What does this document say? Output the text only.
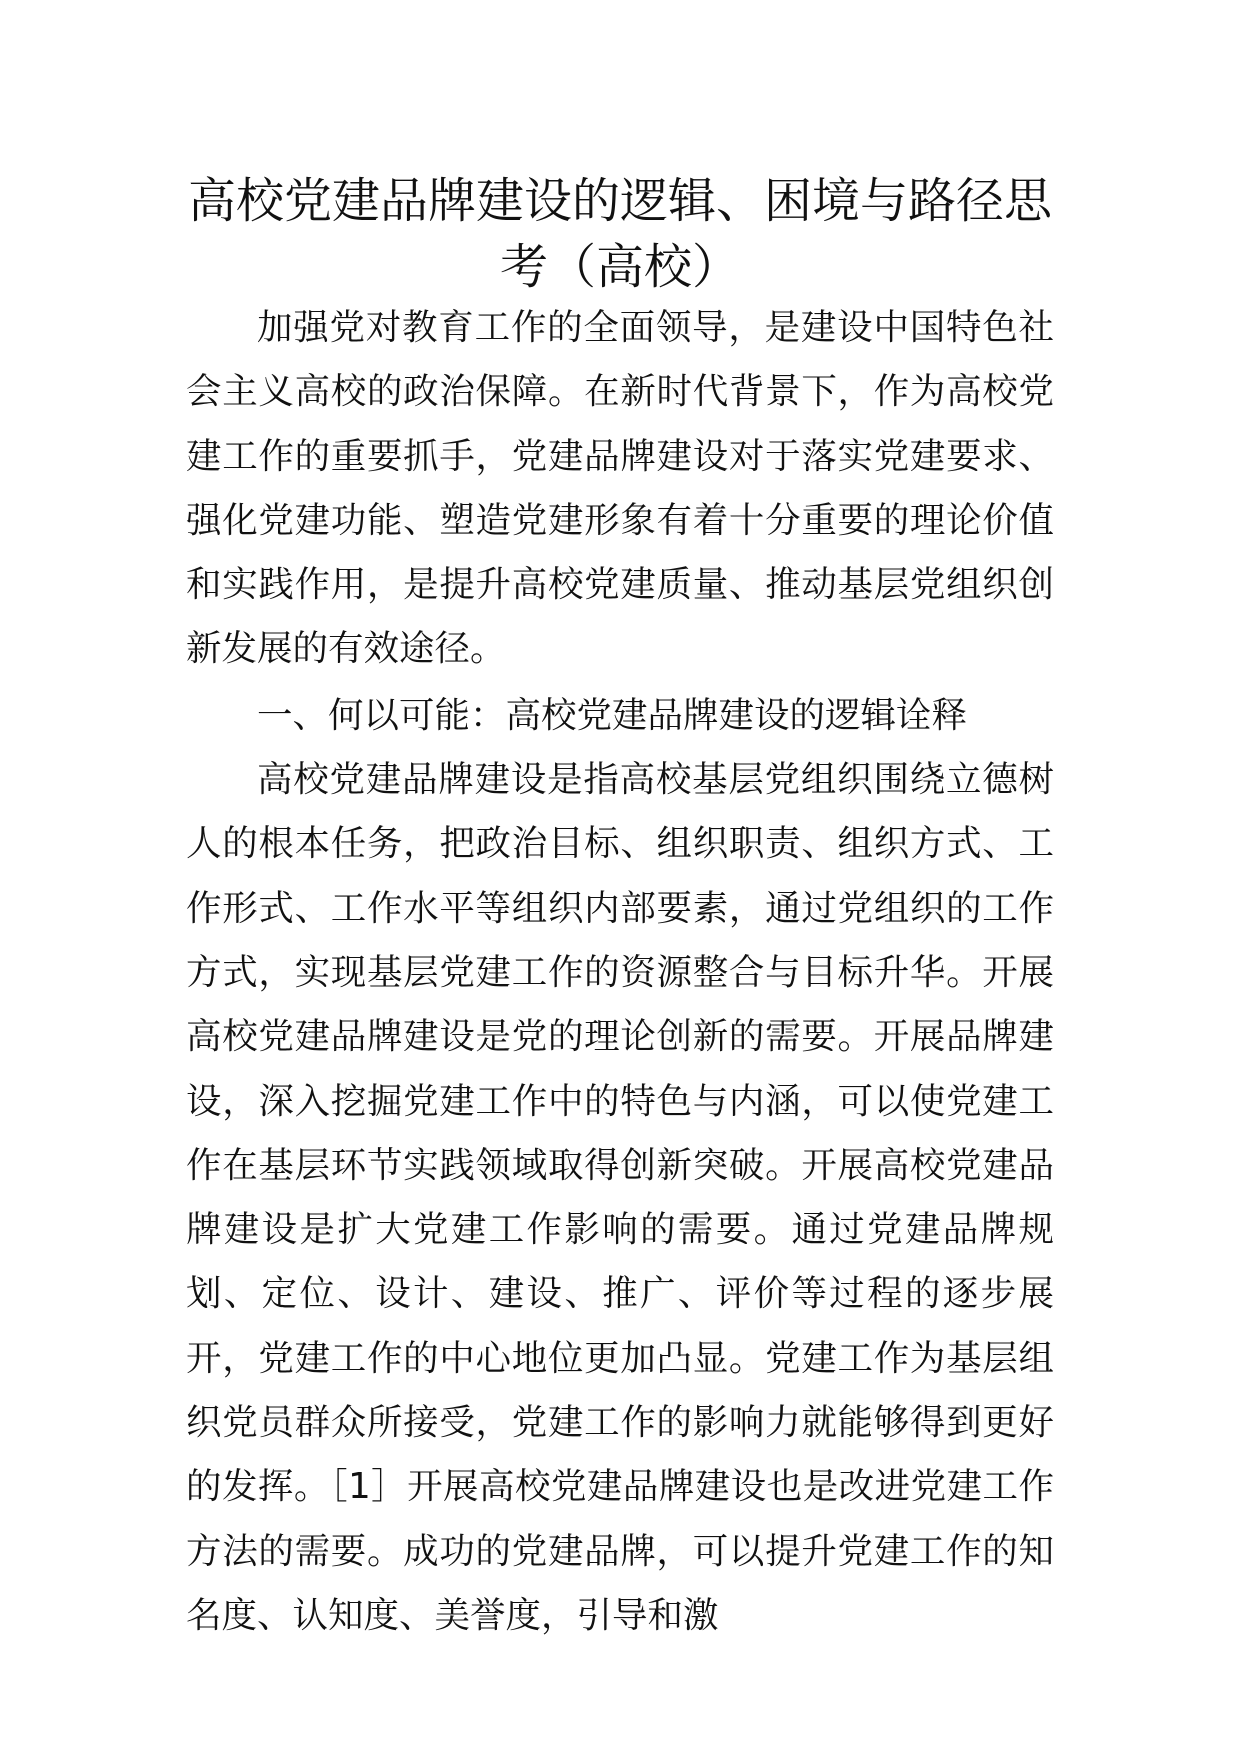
高校党建品牌建设的逻辑、困境与路径思考（高校）

加强党对教育工作的全面领导，是建设中国特色社会主义高校的政治保障。在新时代背景下，作为高校党建工作的重要抓手，党建品牌建设对于落实党建要求、强化党建功能、塑造党建形象有着十分重要的理论价值和实践作用，是提升高校党建质量、推动基层党组织创新发展的有效途径。

一、何以可能：高校党建品牌建设的逻辑诠释

高校党建品牌建设是指高校基层党组织围绕立德树人的根本任务，把政治目标、组织职责、组织方式、工作形式、工作水平等组织内部要素，通过党组织的工作方式，实现基层党建工作的资源整合与目标升华。开展高校党建品牌建设是党的理论创新的需要。开展品牌建设，深入挖掘党建工作中的特色与内涵，可以使党建工作在基层环节实践领域取得创新突破。开展高校党建品牌建设是扩大党建工作影响的需要。通过党建品牌规划、定位、设计、建设、推广、评价等过程的逐步展开，党建工作的中心地位更加凸显。党建工作为基层组织党员群众所接受，党建工作的影响力就能够得到更好的发挥。［1］开展高校党建品牌建设也是改进党建工作方法的需要。成功的党建品牌，可以提升党建工作的知名度、认知度、美誉度，引导和激
